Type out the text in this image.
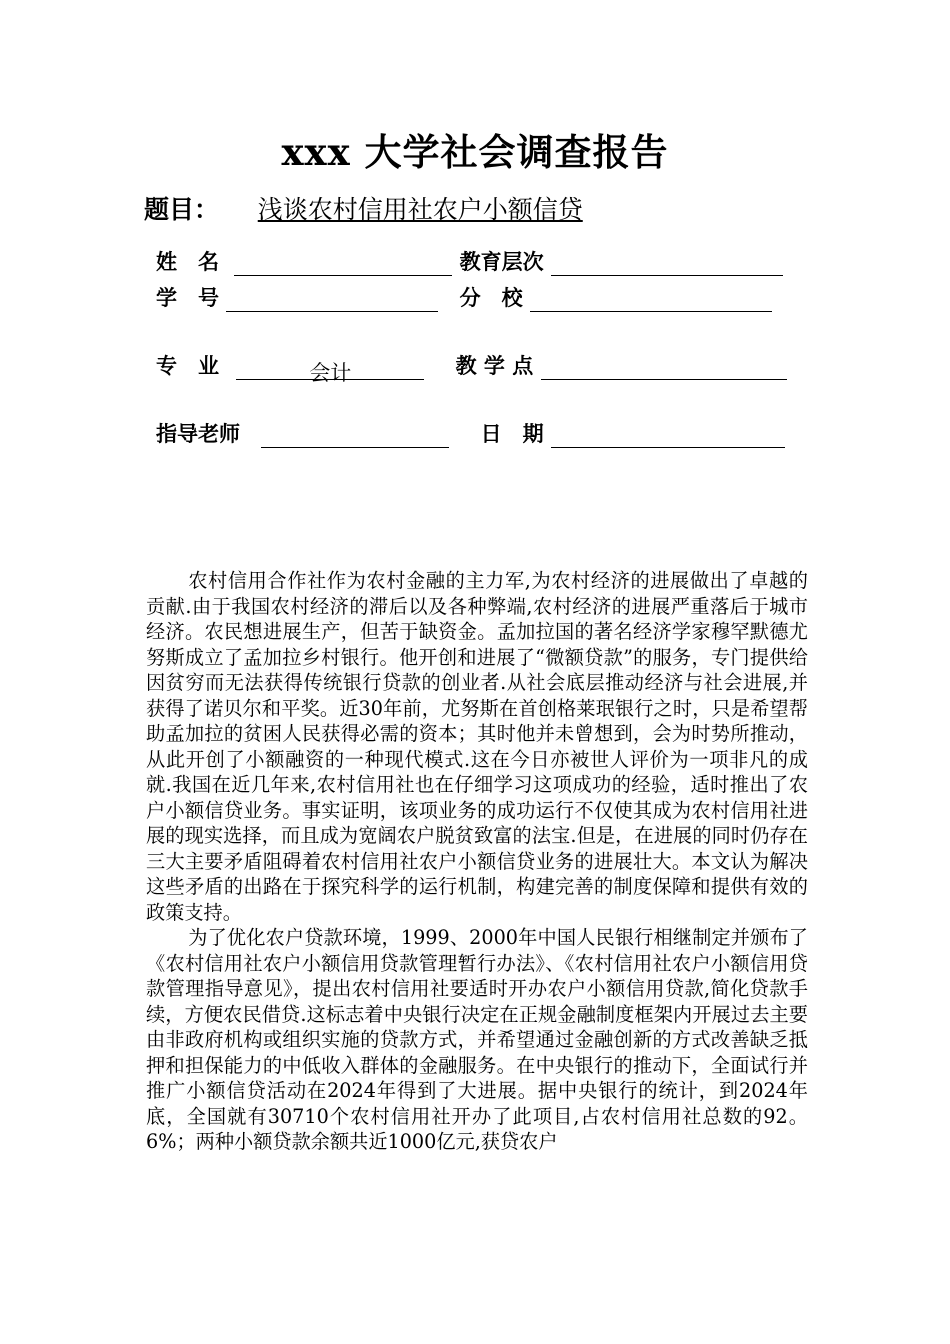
xxx 大学社会调查报告
题目： 浅谈农村信用社农户小额信贷
姓　名	教育层次
学　号	分　校
专　业	会计	教 学 点
指导老师	日　期

农村信用合作社作为农村金融的主力军,为农村经济的进展做出了卓越的贡献.由于我国农村经济的滞后以及各种弊端,农村经济的进展严重落后于城市经济。农民想进展生产，但苦于缺资金。孟加拉国的著名经济学家穆罕默德尤努斯成立了孟加拉乡村银行。他开创和进展了“微额贷款”的服务，专门提供给因贫穷而无法获得传统银行贷款的创业者.从社会底层推动经济与社会进展,并获得了诺贝尔和平奖。近30年前，尤努斯在首创格莱珉银行之时，只是希望帮助孟加拉的贫困人民获得必需的资本；其时他并未曾想到，会为时势所推动，从此开创了小额融资的一种现代模式.这在今日亦被世人评价为一项非凡的成就.我国在近几年来,农村信用社也在仔细学习这项成功的经验，适时推出了农户小额信贷业务。事实证明，该项业务的成功运行不仅使其成为农村信用社进展的现实选择，而且成为宽阔农户脱贫致富的法宝.但是，在进展的同时仍存在三大主要矛盾阻碍着农村信用社农户小额信贷业务的进展壮大。本文认为解决这些矛盾的出路在于探究科学的运行机制，构建完善的制度保障和提供有效的政策支持。

为了优化农户贷款环境，1999、2000年中国人民银行相继制定并颁布了《农村信用社农户小额信用贷款管理暂行办法》、《农村信用社农户小额信用贷款管理指导意见》，提出农村信用社要适时开办农户小额信用贷款,简化贷款手续，方便农民借贷.这标志着中央银行决定在正规金融制度框架内开展过去主要由非政府机构或组织实施的贷款方式，并希望通过金融创新的方式改善缺乏抵押和担保能力的中低收入群体的金融服务。在中央银行的推动下，全面试行并推广小额信贷活动在2024年得到了大进展。据中央银行的统计，到2024年底，全国就有30710个农村信用社开办了此项目,占农村信用社总数的92。6%；两种小额贷款余额共近1000亿元,获贷农户
